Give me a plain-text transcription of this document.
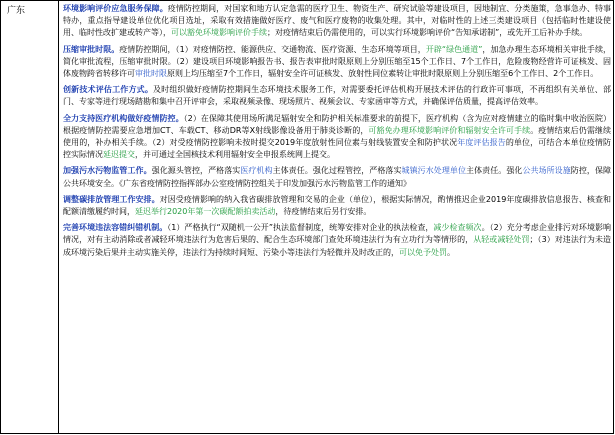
广东	环境影响评价应急服务保障。疫情防控期间，对国家和地方认定急需的医疗卫生、物资生产、研究试验等建设项目，因地制宜、分类施策，急事急办、特事特办，重点指导建设单位优化项目选址，采取有效措施做好医疗、废气和医疗废物的收集处理。其中，对临时性的上述三类建设项目（包括临时性建设使用、临时性改扩建或转产等），可以豁免环境影响评价手续；对疫情结束后仍需使用的，可以实行环境影响评价“告知承诺制”，或先开工后补办手续。

压缩审批时限。疫情防控期间，（1）对疫情防控、能源供应、交通物流、医疗资源、生态环境等项目，开辟“绿色通道”，加急办理生态环境相关审批手续，简化审批流程，压缩审批时限。（2）建设项目环境影响报告书、报告表审批时限原则上分别压缩至15个工作日、7个工作日，危险废物经营许可证核发、固体废物跨省转移许可审批时限原则上均压缩至7个工作日，辐射安全许可证核发、放射性同位素转让审批时限原则上分别压缩至6个工作日、2个工作日。

创新技术评估工作方式。及时组织做好疫情防控期间生态环境技术服务工作，对需要委托评估机构开展技术评估的行政许可事项，不再组织有关单位、部门、专家等进行现场踏勘和集中召开评审会，采取视频录像、现场照片、视频会议、专家函审等方式，并确保评估质量，提高评估效率。

全力支持医疗机构做好疫情防控。（2）在保障其使用场所满足辐射安全和防护相关标准要求的前提下，医疗机构（含为应对疫情建立的临时集中收治医院）根据疫情防控需要应急增加CT、车载CT、移动DR等X射线影像设备用于肺炎诊断的，可豁免办理环境影响评价和辐射安全许可手续。疫情结束后仍需继续使用的，补办相关手续。（2）对受疫情防控影响未按时提交2019年度放射性同位素与射线装置安全和防护状况年度评估报告的单位，可结合本单位疫情防控实际情况延迟提交，并可通过全国核技术利用辐射安全申报系统网上提交。

加强污水污物监管工作。强化源头管控，严格落实医疗机构主体责任。强化过程管控，严格落实城镇污水处理单位主体责任。强化公共场所设施防控，保障公共环境安全。《广东省疫情防控指挥部办公室疫情防控组关于印发加强污水污物监管工作的通知》

调整碳排放管理工作安排。对因受疫情影响的纳入我省碳排放管理和交易的企业（单位），根据实际情况，酌情推迟企业2019年度碳排放信息报告、核查和配额清缴履约时间，延迟举行2020年第一次碳配额拍卖活动，待疫情结束后另行安排。

完善环境违法容错纠错机制。（1）严格执行“双随机一公开”执法监督制度，统筹安排对企业的执法检查，减少检查频次。（2）充分考虑企业排污对环境影响情况，对有主动消除或者减轻环境违法行为危害后果的、配合生态环境部门查处环境违法行为有立功行为等情形的，从轻或减轻处罚；（3）对违法行为未造成环境污染后果并主动实施关停，违法行为持续时间短、污染小等违法行为轻微并及时改正的，可以免予处罚。
